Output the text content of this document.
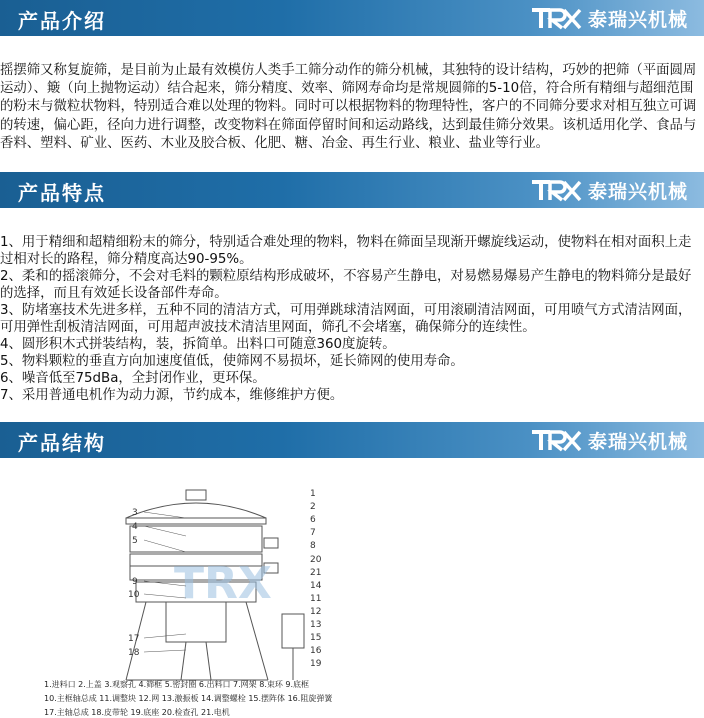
产品介绍	泰瑞兴机械

摇摆筛又称复旋筛，是目前为止最有效模仿人类手工筛分动作的筛分机械，其独特的设计结构，巧妙的把筛（平面圆周运动）、簸（向上抛物运动）结合起来，筛分精度、效率、筛网寿命均是常规圆筛的5-10倍，符合所有精细与超细范围的粉末与微粒状物料，特别适合难以处理的物料。同时可以根据物料的物理特性，客户的不同筛分要求对相互独立可调的转速，偏心距，径向力进行调整，改变物料在筛面停留时间和运动路线，达到最佳筛分效果。该机适用化学、食品与香料、塑料、矿业、医药、木业及胶合板、化肥、糖、冶金、再生行业、粮业、盐业等行业。

产品特点	泰瑞兴机械

1、用于精细和超精细粉末的筛分，特别适合难处理的物料，物料在筛面呈现渐开螺旋线运动，使物料在相对面积上走过相对长的路程，筛分精度高达90-95%。

2、柔和的摇滚筛分，不会对毛料的颗粒原结构形成破坏，不容易产生静电，对易燃易爆易产生静电的物料筛分是最好的选择，而且有效延长设备部件寿命。

3、防堵塞技术先进多样，五种不同的清洁方式，可用弹跳球清洁网面，可用滚刷清洁网面，可用喷气方式清洁网面，可用弹性刮板清洁网面，可用超声波技术清洁里网面，筛孔不会堵塞，确保筛分的连续性。

4、圆形积木式拼装结构，装，拆简单。出料口可随意360度旋转。

5、物料颗粒的垂直方向加速度值低，使筛网不易损坏，延长筛网的使用寿命。

6、噪音低至75dBa，全封闭作业，更环保。

7、采用普通电机作为动力源，节约成本，维修维护方便。

产品结构	泰瑞兴机械
TRX
3
4
5
9
10
17
18
1
2
6
7
8
20
21
14
11
12
13
15
16
19
1.进料口 2.上盖 3.观察孔 4.筛框 5.密封圈 6.出料口 7.网架 8.束环 9.底框
10.主框轴总成 11.调整块 12.网 13.激振板 14.调整螺栓 15.摆阵体 16.阻旋弹簧
17.主轴总成 18.皮带轮 19.底座 20.检查孔 21.电机
